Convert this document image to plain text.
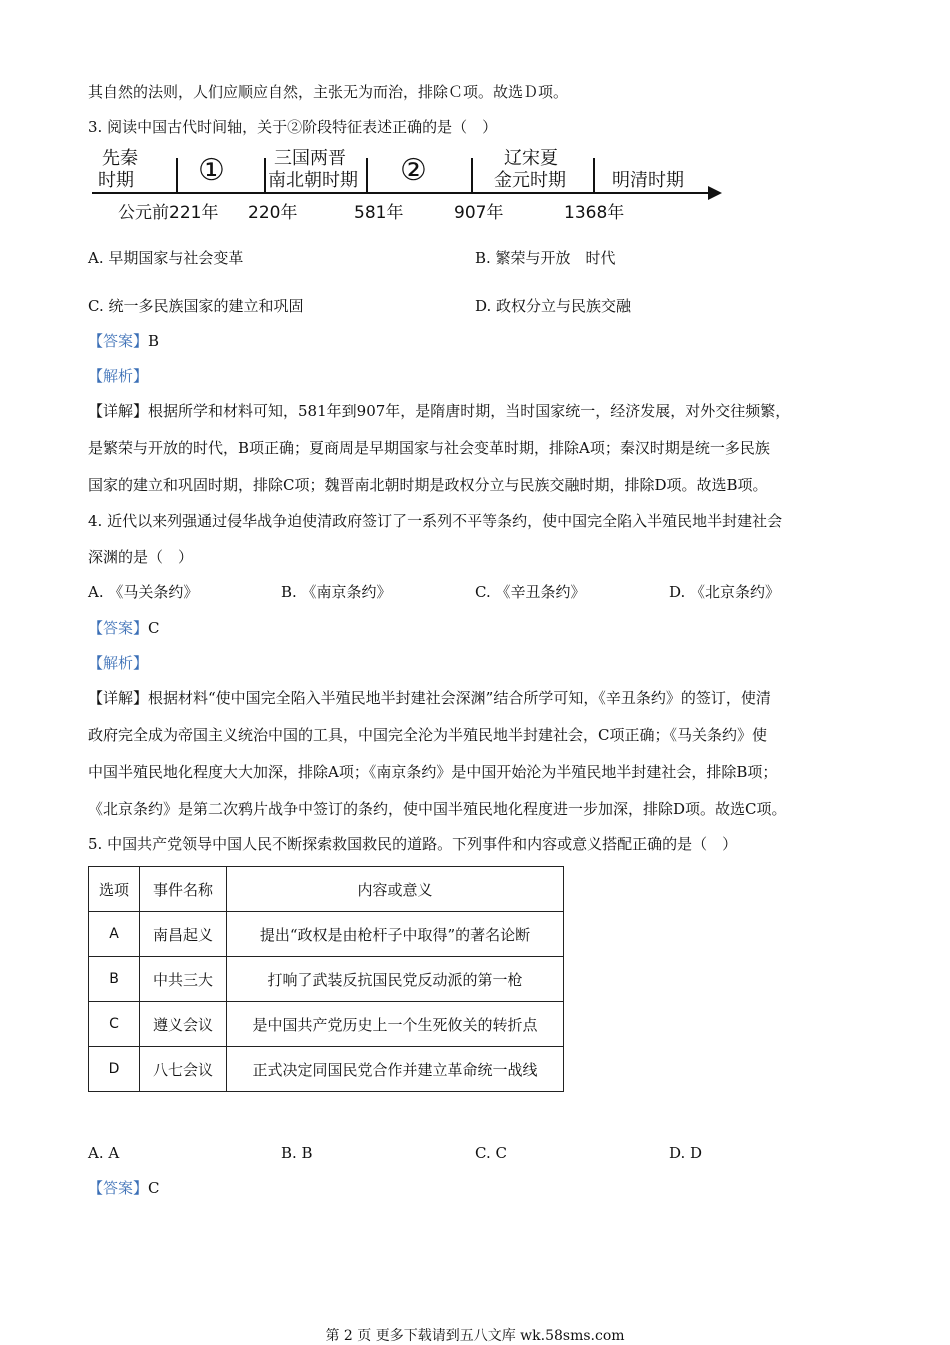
其自然的法则，人们应顺应自然，主张无为而治，排除Ｃ项。故选Ｄ项。
3. 阅读中国古代时间轴，关于②阶段特征表述正确的是（　）
先秦
时期 ①	三国两晋
南北朝时期 ②	辽宋夏
金元时期	明清时期
公元前221年 220年	581年	907年	1368年
A. 早期国家与社会变革	B. 繁荣与开放　时代
C. 统一多民族国家的建立和巩固	D. 政权分立与民族交融
【答案】B
【解析】
【详解】根据所学和材料可知，581年到907年，是隋唐时期，当时国家统一，经济发展，对外交往频繁，
是繁荣与开放的时代，B项正确；夏商周是早期国家与社会变革时期，排除A项；秦汉时期是统一多民族
国家的建立和巩固时期，排除C项；魏晋南北朝时期是政权分立与民族交融时期，排除D项。故选B项。
4. 近代以来列强通过侵华战争迫使清政府签订了一系列不平等条约，使中国完全陷入半殖民地半封建社会
深渊的是（　）
A. 《马关条约》	B. 《南京条约》	C. 《辛丑条约》	D. 《北京条约》
【答案】C
【解析】
【详解】根据材料“使中国完全陷入半殖民地半封建社会深渊”结合所学可知，《辛丑条约》的签订，使清
政府完全成为帝国主义统治中国的工具，中国完全沦为半殖民地半封建社会，C项正确；《马关条约》使
中国半殖民地化程度大大加深，排除A项；《南京条约》是中国开始沦为半殖民地半封建社会，排除B项；
《北京条约》是第二次鸦片战争中签订的条约，使中国半殖民地化程度进一步加深，排除D项。故选C项。
5. 中国共产党领导中国人民不断探索救国救民的道路。下列事件和内容或意义搭配正确的是（　）
选项	事件名称	内容或意义
A	南昌起义	提出“政权是由枪杆子中取得”的著名论断
B	中共三大	打响了武装反抗国民党反动派的第一枪
C	遵义会议	是中国共产党历史上一个生死攸关的转折点
D	八七会议	正式决定同国民党合作并建立革命统一战线
A. A	B. B	C. C	D. D
【答案】C
第 2 页 更多下载请到五八文库 wk.58sms.com
